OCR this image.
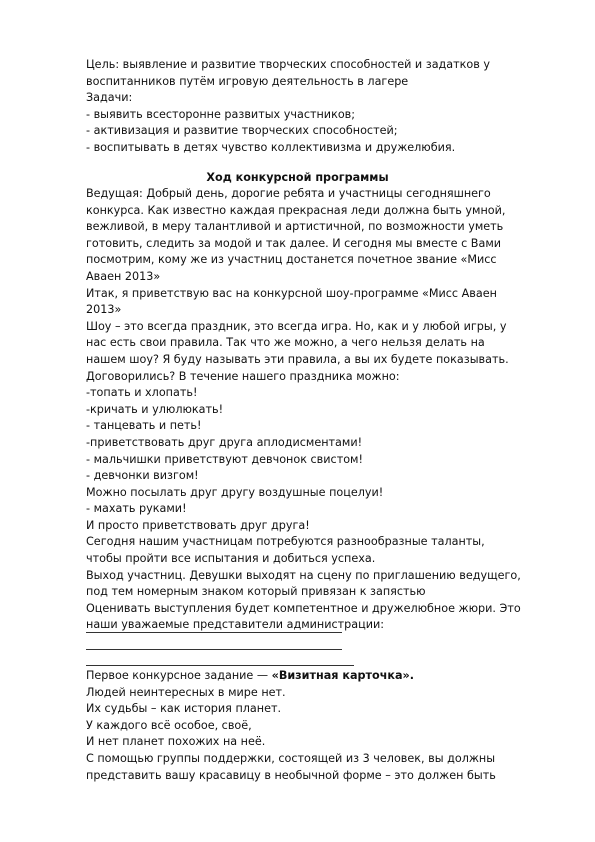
Цель: выявление и развитие творческих способностей и задатков у
воспитанников путём игровую деятельность в лагере
Задачи:
- выявить всесторонне развитых участников;
- активизация и развитие творческих способностей;
- воспитывать в детях чувство коллективизма и дружелюбия.
Ход конкурсной программы
Ведущая: Добрый день, дорогие ребята и участницы сегодняшнего
конкурса. Как известно каждая прекрасная леди должна быть умной,
вежливой, в меру талантливой и артистичной, по возможности уметь
готовить, следить за модой и так далее. И сегодня мы вместе с Вами
посмотрим, кому же из участниц достанется почетное звание «Мисс
Аваен 2013»
Итак, я приветствую вас на конкурсной шоу-программе «Мисс Аваен
2013»
Шоу – это всегда праздник, это всегда игра. Но, как и у любой игры, у
нас есть свои правила. Так что же можно, а чего нельзя делать на
нашем шоу? Я буду называть эти правила, а вы их будете показывать.
Договорились? В течение нашего праздника можно:
-топать и хлопать!
-кричать и улюлюкать!
- танцевать и петь!
-приветствовать друг друга аплодисментами!
- мальчишки приветствуют девчонок свистом!
- девчонки визгом!
Можно посылать друг другу воздушные поцелуи!
- махать руками!
И просто приветствовать друг друга!
Сегодня нашим участницам потребуются разнообразные таланты,
чтобы пройти все испытания и добиться успеха.
Выход участниц. Девушки выходят на сцену по приглашению ведущего,
под тем номерным знаком который привязан к запястью
Оценивать выступления будет компетентное и дружелюбное жюри. Это
наши уважаемые представители администрации:
Первое конкурсное задание — «Визитная карточка».
Людей неинтересных в мире нет.
Их судьбы – как история планет.
У каждого всё особое, своё,
И нет планет похожих на неё.
С помощью группы поддержки, состоящей из 3 человек, вы должны
представить вашу красавицу в необычной форме – это должен быть
